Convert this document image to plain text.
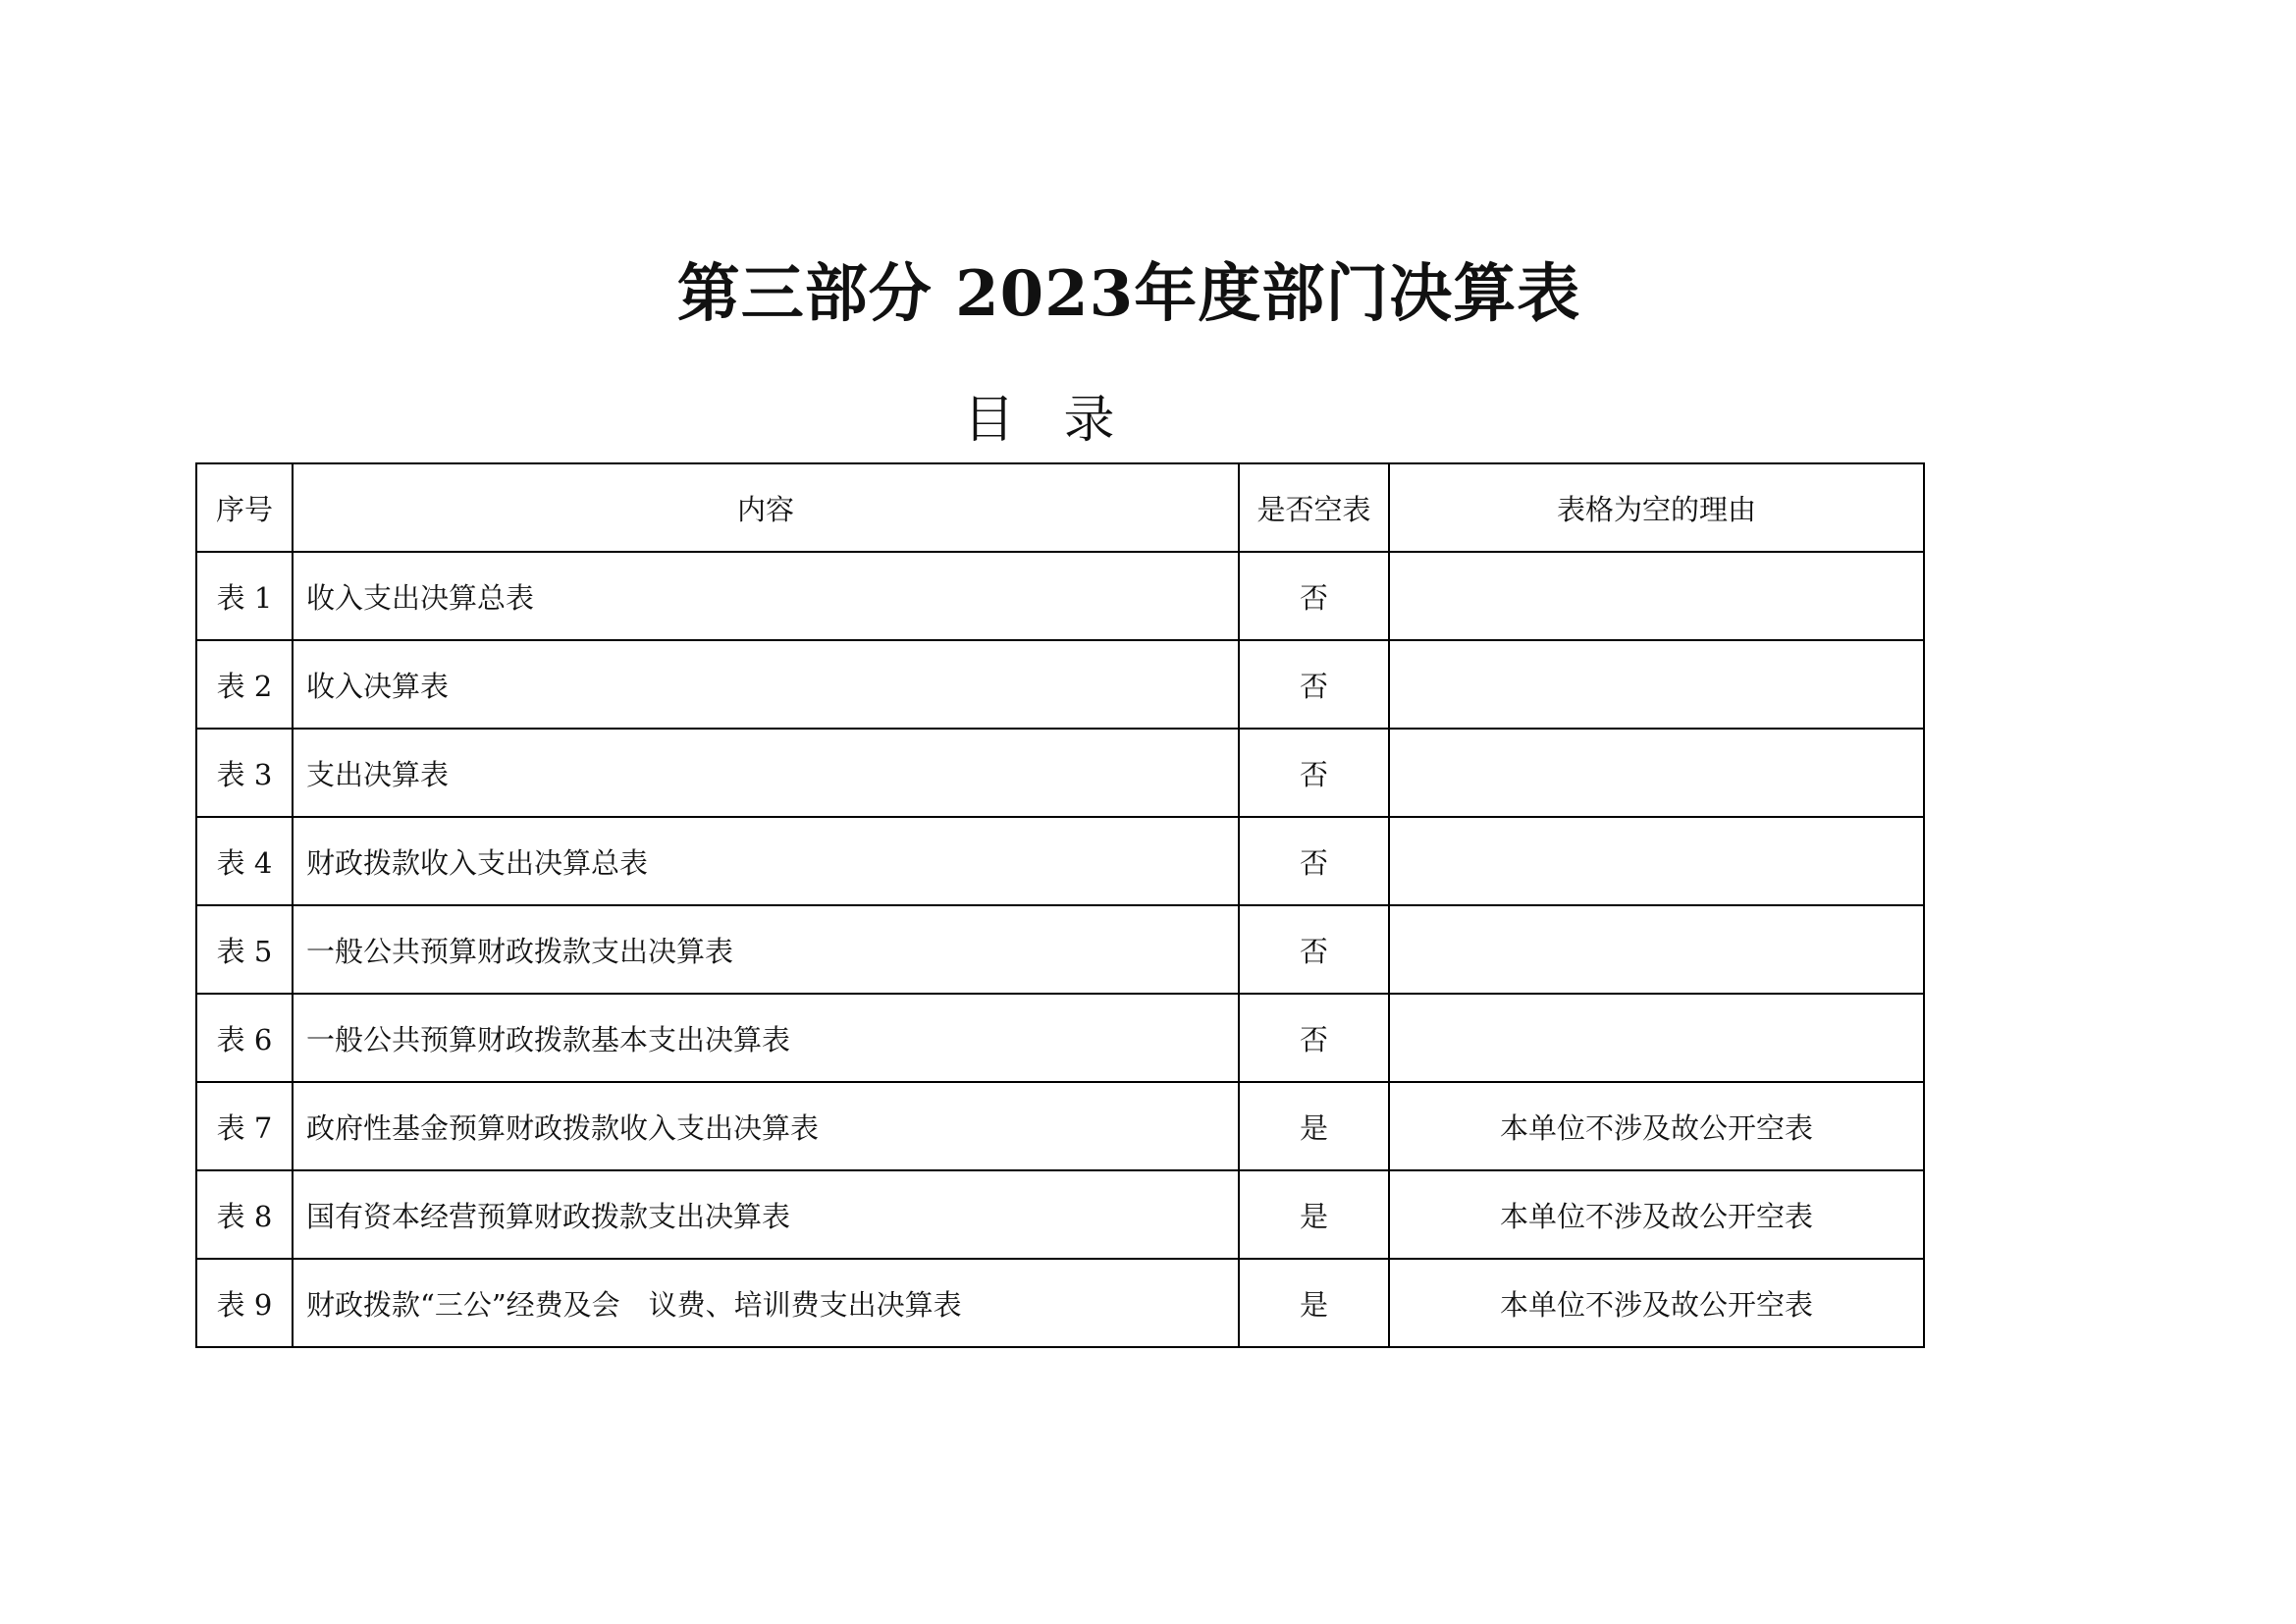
第三部分 2023年度部门决算表
目录
序号	内容	是否空表	表格为空的理由
表 1	收入支出决算总表	否	
表 2	收入决算表	否	
表 3	支出决算表	否	
表 4	财政拨款收入支出决算总表	否	
表 5	一般公共预算财政拨款支出决算表	否	
表 6	一般公共预算财政拨款基本支出决算表	否	
表 7	政府性基金预算财政拨款收入支出决算表	是	本单位不涉及故公开空表
表 8	国有资本经营预算财政拨款支出决算表	是	本单位不涉及故公开空表
表 9	财政拨款“三公”经费及会　议费、培训费支出决算表	是	本单位不涉及故公开空表
